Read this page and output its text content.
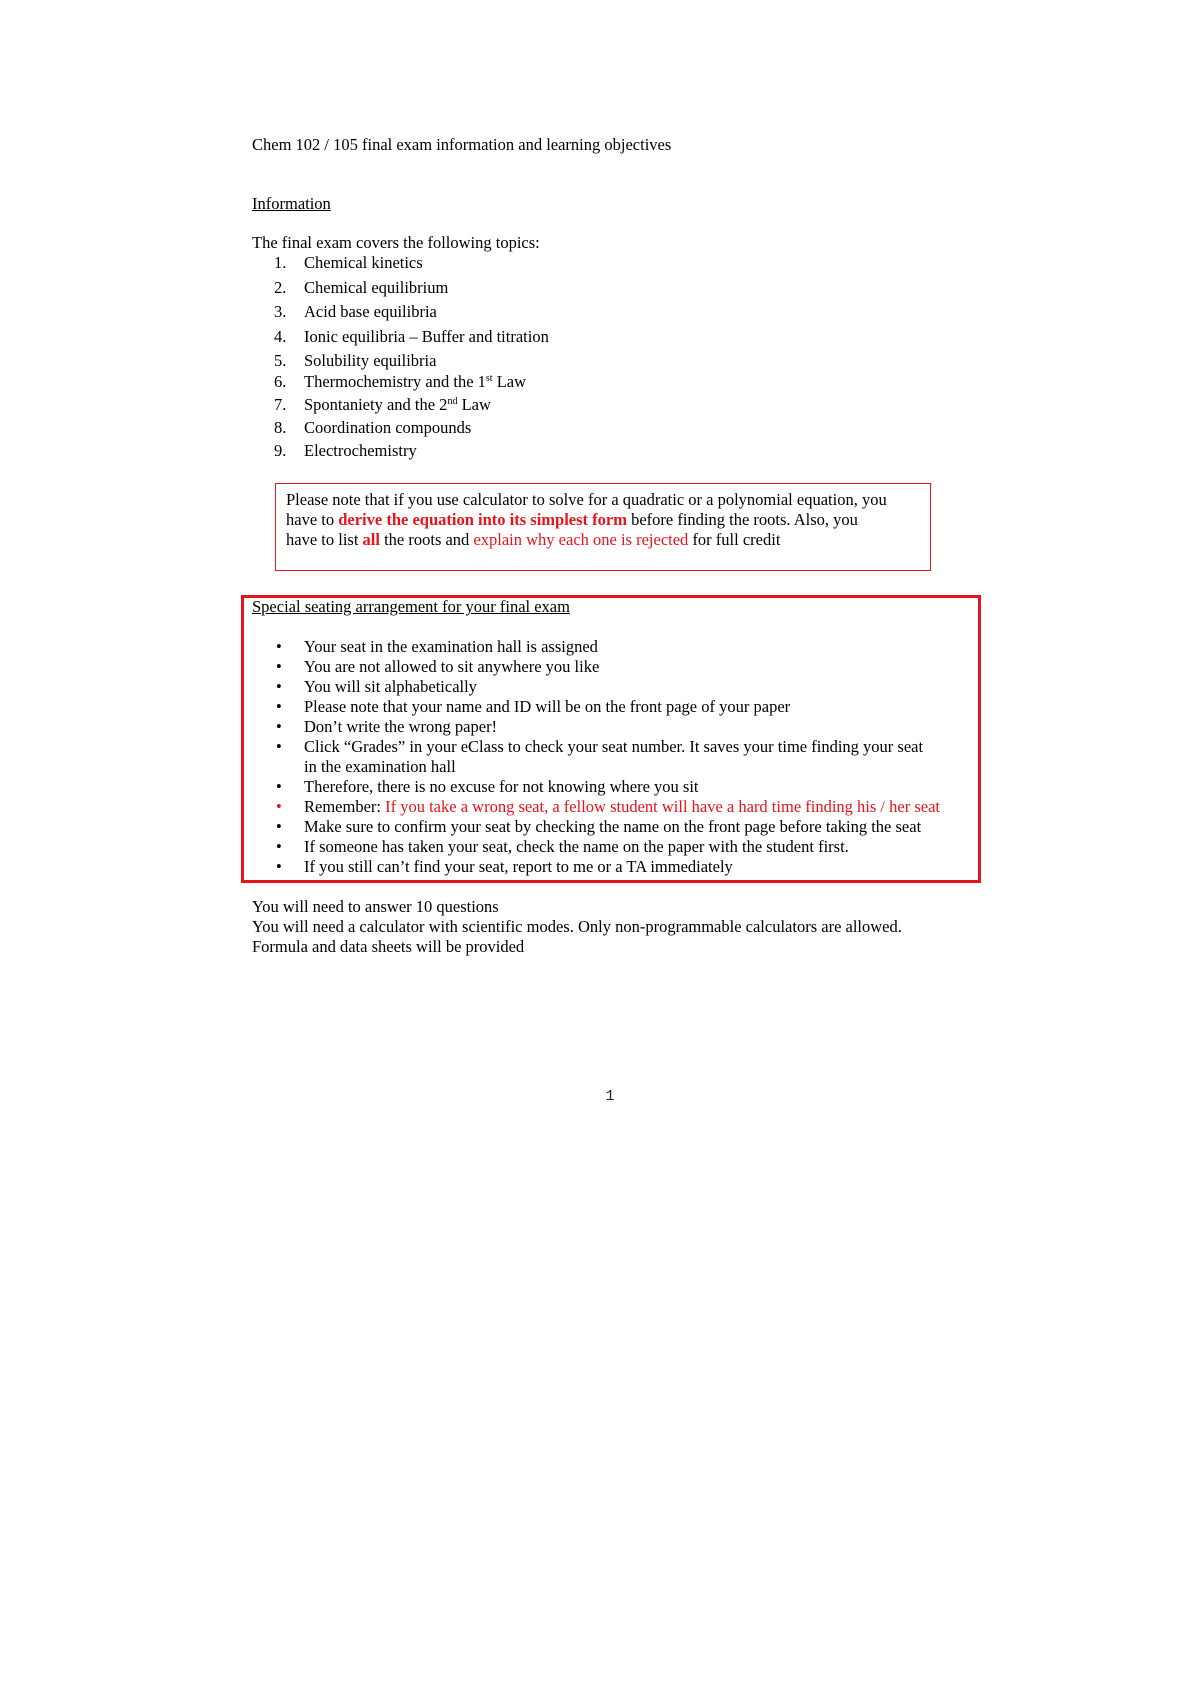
Chem 102 / 105 final exam information and learning objectives
Information
The final exam covers the following topics:
1. Chemical kinetics
2. Chemical equilibrium
3. Acid base equilibria
4. Ionic equilibria – Buffer and titration
5. Solubility equilibria
6. Thermochemistry and the 1st Law
7. Spontaniety and the 2nd Law
8. Coordination compounds
9. Electrochemistry
Please note that if you use calculator to solve for a quadratic or a polynomial equation, you
have to derive the equation into its simplest form before finding the roots. Also, you
have to list all the roots and explain why each one is rejected for full credit
Special seating arrangement for your final exam
• Your seat in the examination hall is assigned
• You are not allowed to sit anywhere you like
• You will sit alphabetically
• Please note that your name and ID will be on the front page of your paper
• Don’t write the wrong paper!
• Click “Grades” in your eClass to check your seat number. It saves your time finding your seat
in the examination hall
• Therefore, there is no excuse for not knowing where you sit
• Remember: If you take a wrong seat, a fellow student will have a hard time finding his / her seat
• Make sure to confirm your seat by checking the name on the front page before taking the seat
• If someone has taken your seat, check the name on the paper with the student first.
• If you still can’t find your seat, report to me or a TA immediately
You will need to answer 10 questions
You will need a calculator with scientific modes. Only non-programmable calculators are allowed.
Formula and data sheets will be provided
1
